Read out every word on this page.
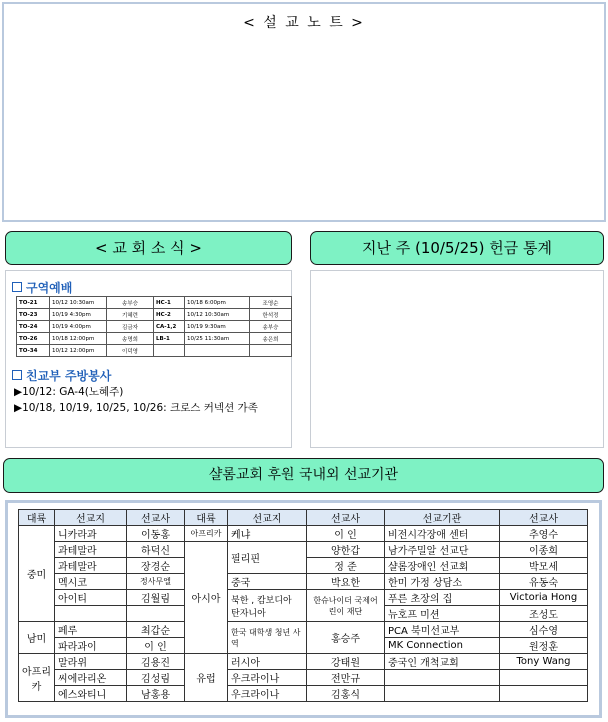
< 설 교 노 트 >
< 교 회 소 식 >	지난 주 (10/5/25) 헌금 통계
구역예배
TO-21	10/12 10:30am	송부승	HC-1	10/18 6:00pm	조영순
TO-23	10/19 4:30pm	기혜련	HC-2	10/12 10:30am	한석정
TO-24	10/19 4:00pm	김금자	CA-1,2	10/19 9:30am	송부승
TO-26	10/18 12:00pm	송명희	LB-1	10/25 11:30am	송은희
TO-34	10/12 12:00pm	이덕영			
친교부 주방봉사
▶10/12: GA-4(노혜주)
▶10/18, 10/19, 10/25, 10/26: 크로스 커넥션 가족
샬롬교회 후원 국내외 선교기관
대륙	선교지	선교사	대륙	선교지	선교사	선교기관	선교사
중미	니카라과	이동홍	아프리카	케냐	이 인	비전시각장애 센터	추영수
	과테말라	하덕신	아시아	필리핀	양한갑	남가주밀알 선교단	이종희
	과테말라	장경순			정 준	샬롬장애인 선교회	박모세
	멕시코	정사무엘		중국	박요한	한미 가정 상담소	유동숙
	아이티	김월림		북한 , 캄보디아 탄자니아	한슈나이더 국제어린이 재단	푸른 초장의 집	Victoria Hong
						뉴호프 미션	조성도
남미	페루	최갑순		한국 대학생 청년 사역	홍승주	PCA 북미선교부	심수영
	파라과이	이 인				MK Connection	원정훈
아프리카	말라위	김용진	유럽	러시아	강태원	중국인 개척교회	Tony Wang
	씨에라리온	김성림		우크라이나	전만규		
	에스와티니	남홍용		우크라이나	김홍식		
